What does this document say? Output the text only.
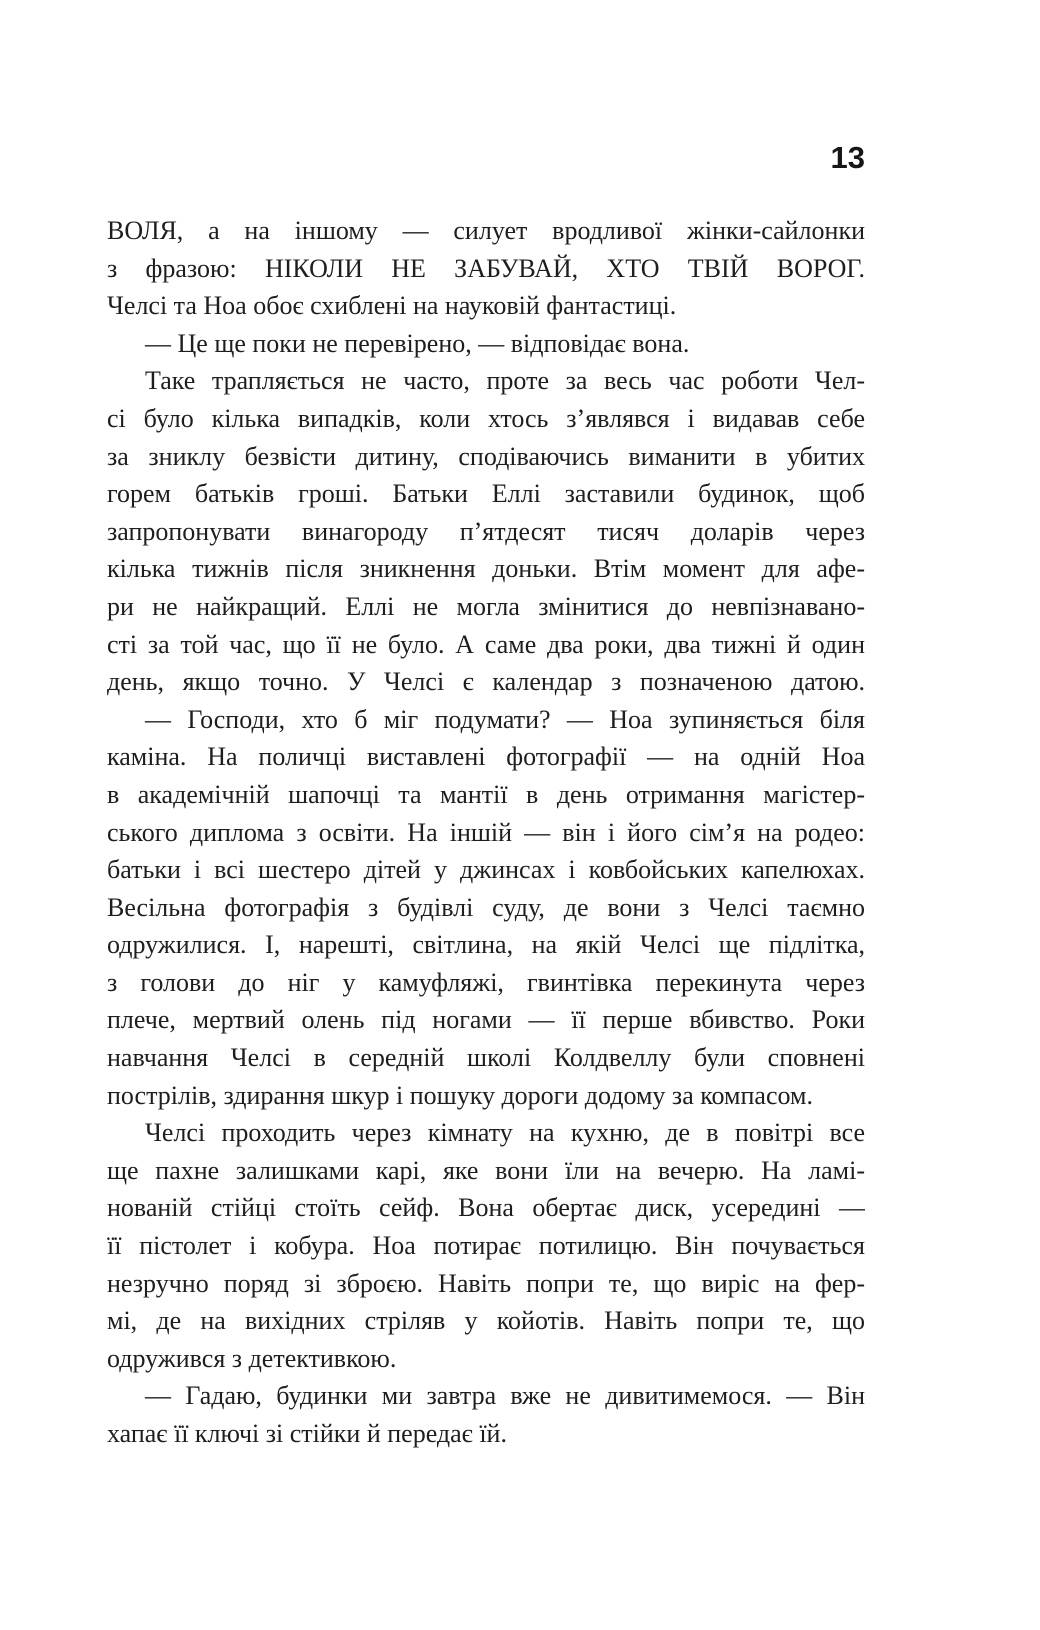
13
ВОЛЯ, а на іншому — силует вродливої жінки-сайлонки
з фразою: НІКОЛИ НЕ ЗАБУВАЙ, ХТО ТВІЙ ВОРОГ.
Челсі та Ноа обоє схиблені на науковій фантастиці.
— Це ще поки не перевірено, — відповідає вона.
Таке трапляється не часто, проте за весь час роботи Чел-
сі було кілька випадків, коли хтось з’являвся і видавав себе
за зниклу безвісти дитину, сподіваючись виманити в убитих
горем батьків гроші. Батьки Еллі заставили будинок, щоб
запропонувати винагороду п’ятдесят тисяч доларів через
кілька тижнів після зникнення доньки. Втім момент для афе-
ри не найкращий. Еллі не могла змінитися до невпізнавано-
сті за той час, що її не було. А саме два роки, два тижні й один
день, якщо точно. У Челсі є календар з позначеною датою.
— Господи, хто б міг подумати? — Ноа зупиняється біля
каміна. На поличці виставлені фотографії — на одній Ноа
в академічній шапочці та мантії в день отримання магістер-
ського диплома з освіти. На іншій — він і його сім’я на родео:
батьки і всі шестеро дітей у джинсах і ковбойських капелюхах.
Весільна фотографія з будівлі суду, де вони з Челсі таємно
одружилися. І, нарешті, світлина, на якій Челсі ще підлітка,
з голови до ніг у камуфляжі, гвинтівка перекинута через
плече, мертвий олень під ногами — її перше вбивство. Роки
навчання Челсі в середній школі Колдвеллу були сповнені
пострілів, здирання шкур і пошуку дороги додому за компасом.
Челсі проходить через кімнату на кухню, де в повітрі все
ще пахне залишками карі, яке вони їли на вечерю. На ламі-
нованій стійці стоїть сейф. Вона обертає диск, усередині —
її пістолет і кобура. Ноа потирає потилицю. Він почувається
незручно поряд зі зброєю. Навіть попри те, що виріс на фер-
мі, де на вихідних стріляв у койотів. Навіть попри те, що
одружився з детективкою.
— Гадаю, будинки ми завтра вже не дивитимемося. — Він
хапає її ключі зі стійки й передає їй.
